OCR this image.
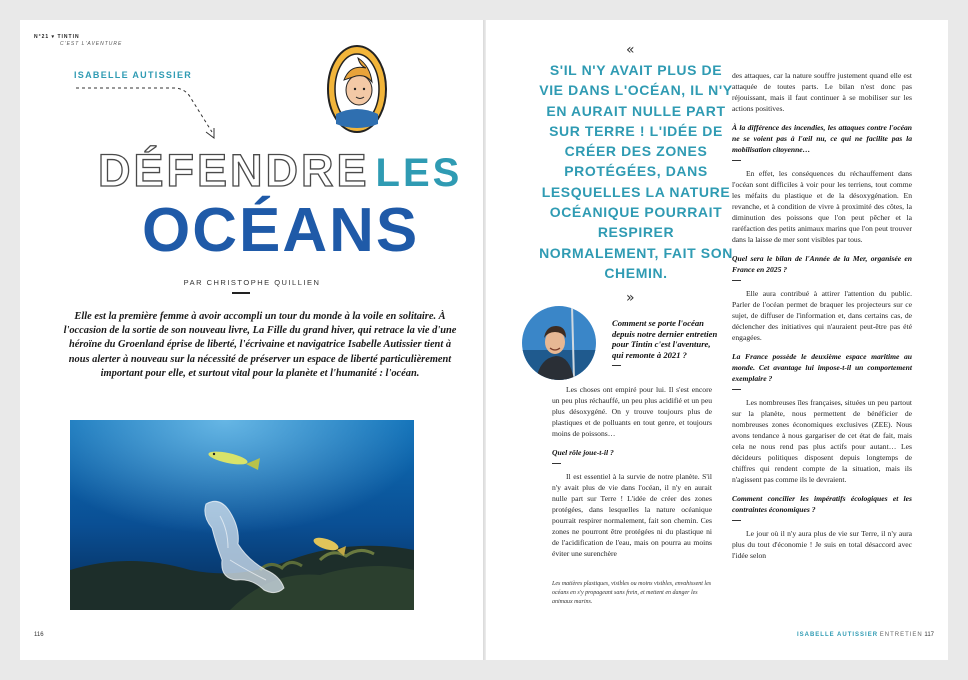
N°21 ▾ TINTIN
C'EST L'AVENTURE
ISABELLE AUTISSIER
DÉFENDRE LES
OCÉANS
PAR CHRISTOPHE QUILLIEN
Elle est la première femme à avoir accompli un tour du monde à la voile en solitaire. À l'occasion de la sortie de son nouveau livre, La Fille du grand hiver, qui retrace la vie d'une héroïne du Groenland éprise de liberté, l'écrivaine et navigatrice Isabelle Autissier tient à nous alerter à nouveau sur la nécessité de préserver un espace de liberté particulièrement important pour elle, et surtout vital pour la planète et l'humanité : l'océan.
116
«
S'IL N'Y AVAIT PLUS DE VIE DANS L'OCÉAN, IL N'Y EN AURAIT NULLE PART SUR TERRE ! L'IDÉE DE CRÉER DES ZONES PROTÉGÉES, DANS LESQUELLES LA NATURE OCÉANIQUE POURRAIT RESPIRER NORMALEMENT, FAIT SON CHEMIN.
»
Comment se porte l'océan depuis notre dernier entretien pour Tintin c'est l'aventure, qui remonte à 2021 ?
—

Les choses ont empiré pour lui. Il s'est encore un peu plus réchauffé, un peu plus acidifié et un peu plus désoxygéné. On y trouve toujours plus de plastiques et de polluants en tout genre, et toujours moins de poissons…

Quel rôle joue-t-il ?

—

Il est essentiel à la survie de notre planète. S'il n'y avait plus de vie dans l'océan, il n'y en aurait nulle part sur Terre ! L'idée de créer des zones protégées, dans lesquelles la nature océanique pourrait respirer normalement, fait son chemin. Ces zones ne pourront être protégées ni du plastique ni de l'acidification de l'eau, mais on pourra au moins éviter une surenchère

Les matières plastiques, visibles ou moins visibles, envahissent les océans en s'y propageant sans frein, et mettent en danger les animaux marins.

des attaques, car la nature souffre justement quand elle est attaquée de toutes parts. Le bilan n'est donc pas réjouissant, mais il faut continuer à se mobiliser sur les actions positives.

À la différence des incendies, les attaques contre l'océan ne se voient pas à l'œil nu, ce qui ne facilite pas la mobilisation citoyenne…

—

En effet, les conséquences du réchauffement dans l'océan sont difficiles à voir pour les terriens, tout comme les méfaits du plastique et de la désoxygénation. En revanche, et à condition de vivre à proximité des côtes, la diminution des poissons que l'on peut pêcher et la raréfaction des petits animaux marins que l'on peut trouver dans la laisse de mer sont visibles par tous.

Quel sera le bilan de l'Année de la Mer, organisée en France en 2025 ?

—

Elle aura contribué à attirer l'attention du public. Parler de l'océan permet de braquer les projecteurs sur ce sujet, de diffuser de l'information et, dans certains cas, de déclencher des initiatives qui n'auraient peut-être pas été engagées.

La France possède le deuxième espace maritime au monde. Cet avantage lui impose-t-il un comportement exemplaire ?

—

Les nombreuses îles françaises, situées un peu partout sur la planète, nous permettent de bénéficier de nombreuses zones économiques exclusives (ZEE). Nous avons tendance à nous gargariser de cet état de fait, mais cela ne nous rend pas plus actifs pour autant… Les décideurs politiques disposent depuis longtemps de chiffres qui rendent compte de la situation, mais ils n'agissent pas comme ils le devraient.

Comment concilier les impératifs écologiques et les contraintes économiques ?

—

Le jour où il n'y aura plus de vie sur Terre, il n'y aura plus du tout d'économie ! Je suis en total désaccord avec l'idée selon

ISABELLE AUTISSIER ENTRETIEN 117
